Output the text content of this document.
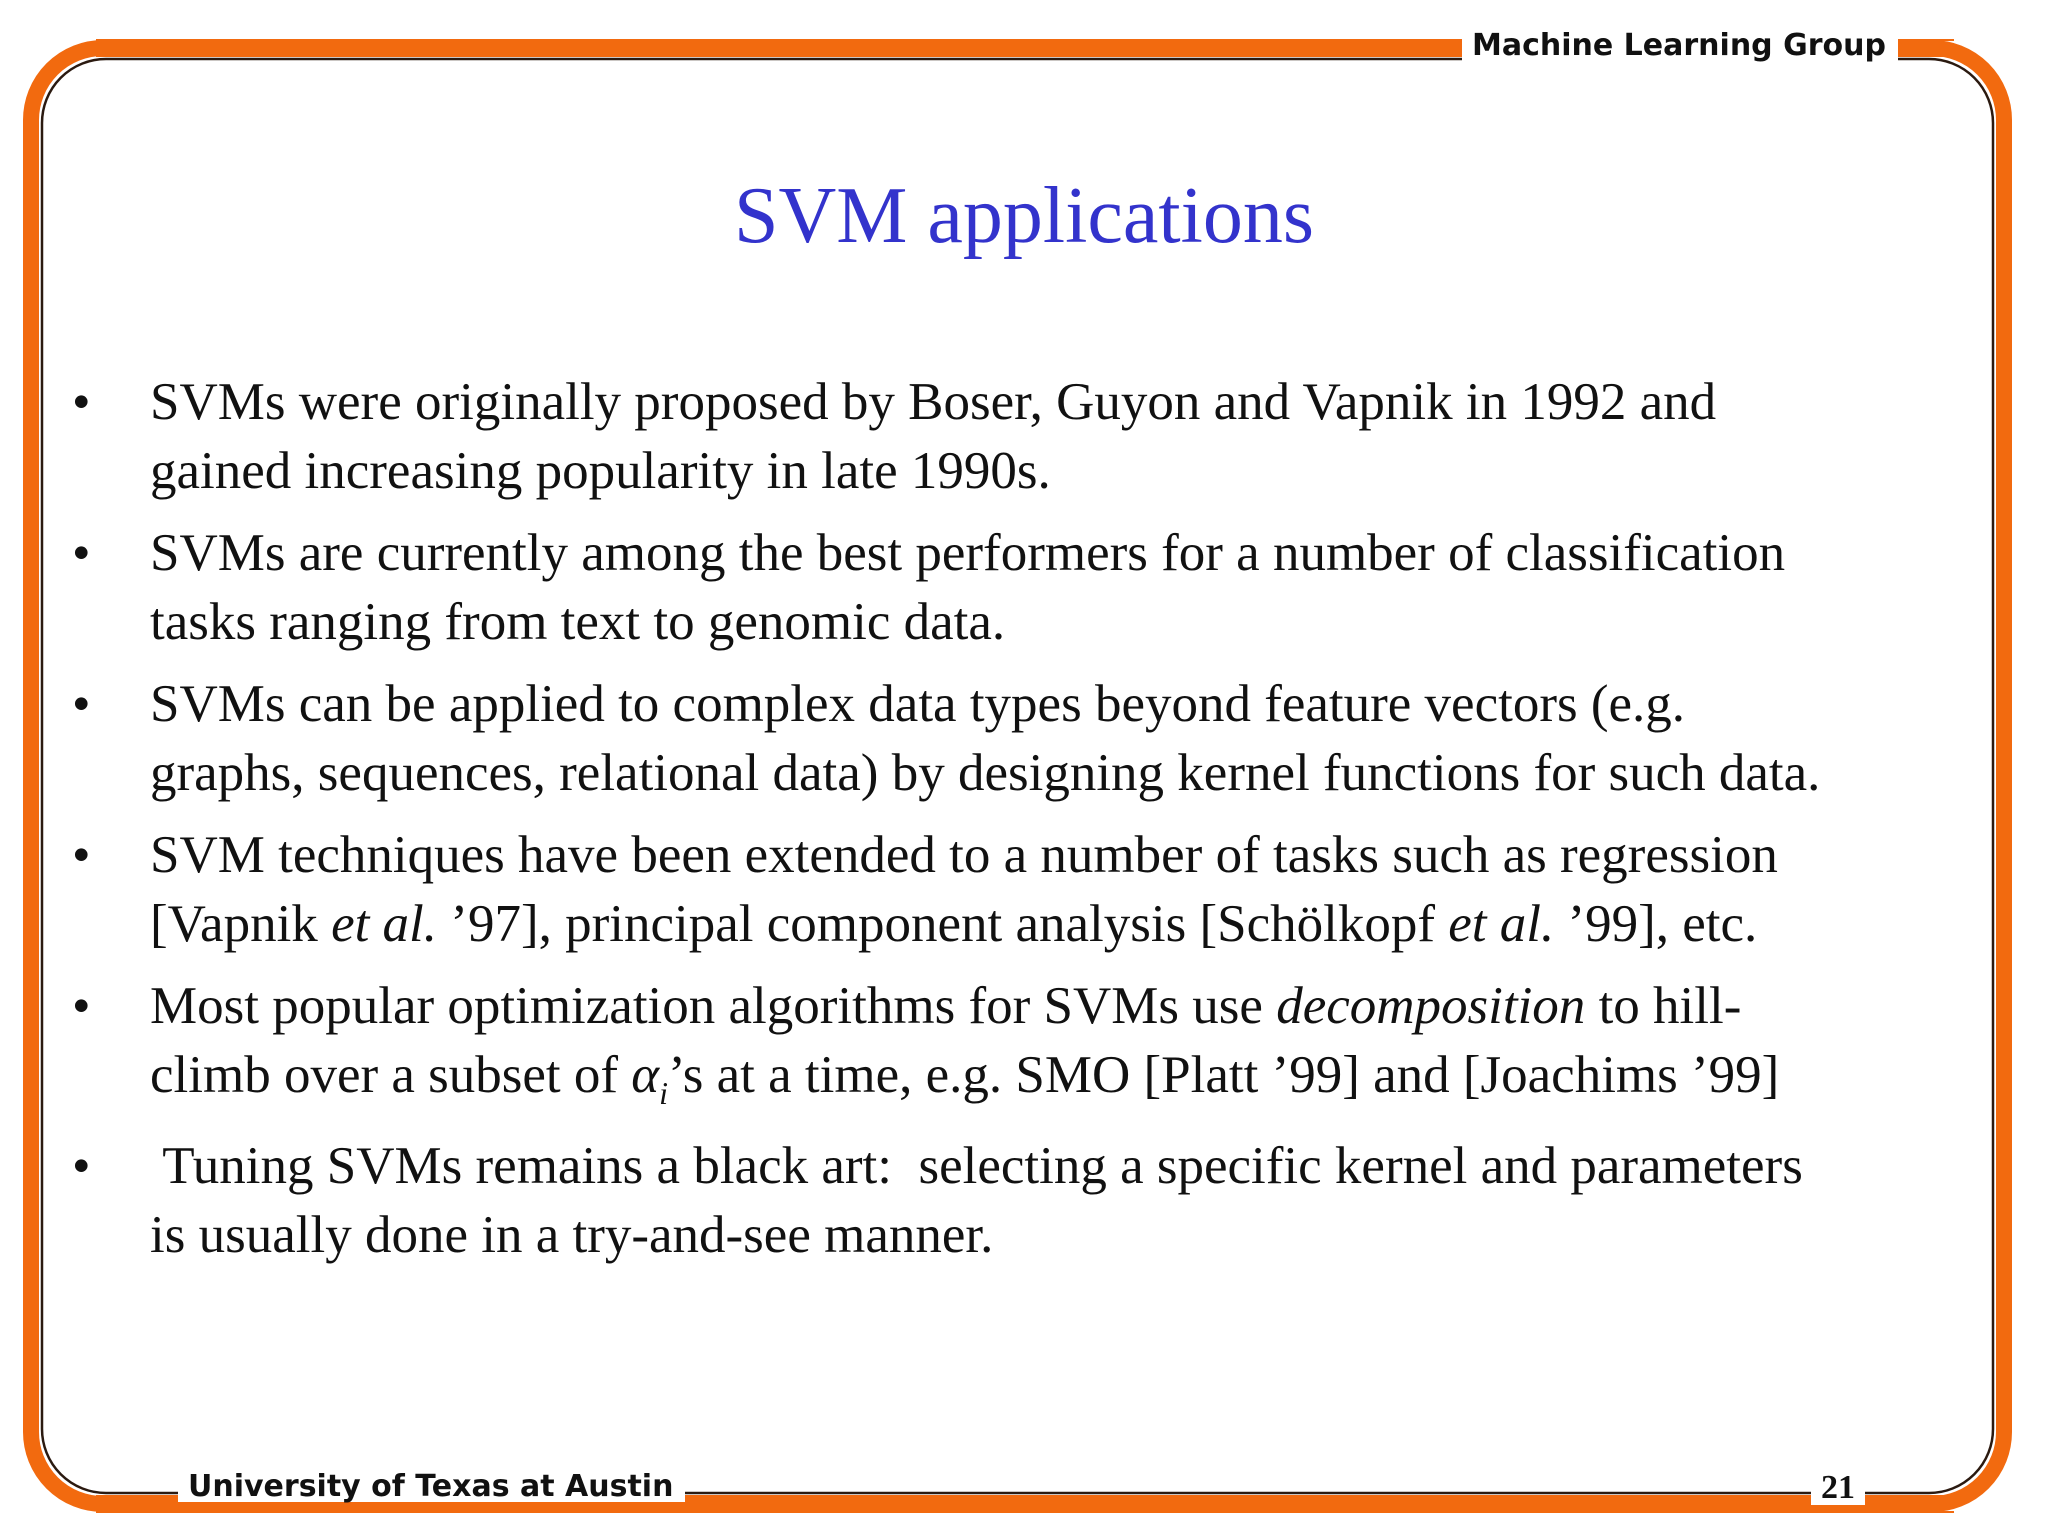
Machine Learning Group
University of Texas at Austin	21
SVM applications
• SVMs were originally proposed by Boser, Guyon and Vapnik in 1992 and
gained increasing popularity in late 1990s.
• SVMs are currently among the best performers for a number of classification
tasks ranging from text to genomic data.
• SVMs can be applied to complex data types beyond feature vectors (e.g.
graphs, sequences, relational data) by designing kernel functions for such data.
• SVM techniques have been extended to a number of tasks such as regression
[Vapnik et al. ’97], principal component analysis [Schölkopf et al. ’99], etc.
• Most popular optimization algorithms for SVMs use decomposition to hill-
climb over a subset of $\alpha_i’s$ at a time, e.g. SMO [Platt ’99] and [Joachims ’99]
• Tuning SVMs remains a black art:  selecting a specific kernel and parameters
is usually done in a try-and-see manner.
